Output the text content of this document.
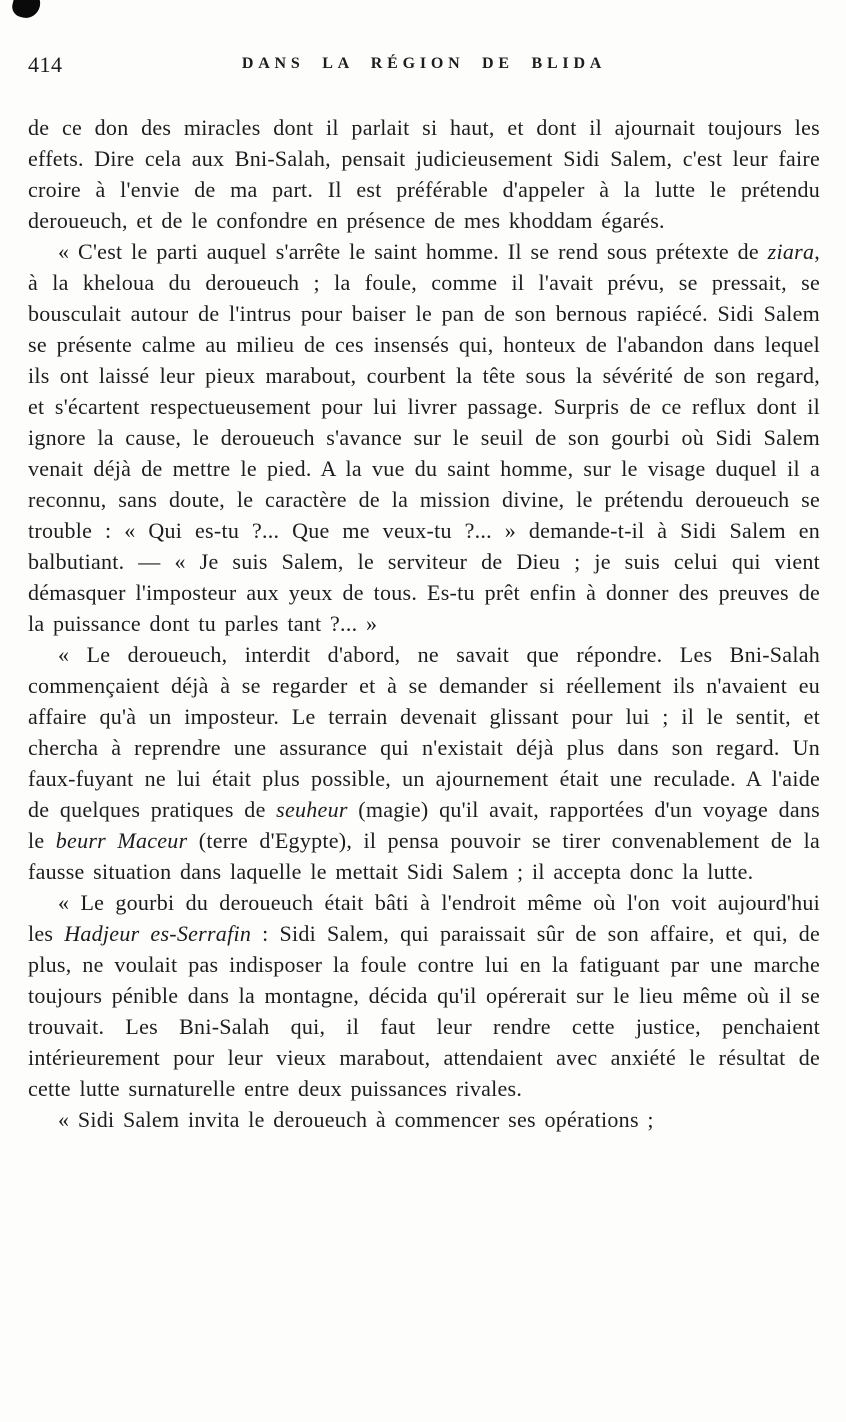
414	DANS LA RÉGION DE BLIDA

de ce don des miracles dont il parlait si haut, et dont il ajournait toujours les effets. Dire cela aux Bni-Salah, pensait judicieusement Sidi Salem, c'est leur faire croire à l'envie de ma part. Il est préférable d'appeler à la lutte le prétendu deroueuch, et de le confondre en présence de mes khoddam égarés.

« C'est le parti auquel s'arrête le saint homme. Il se rend sous prétexte de ziara, à la kheloua du deroueuch ; la foule, comme il l'avait prévu, se pressait, se bousculait autour de l'intrus pour baiser le pan de son bernous rapiécé. Sidi Salem se présente calme au milieu de ces insensés qui, honteux de l'abandon dans lequel ils ont laissé leur pieux marabout, courbent la tête sous la sévérité de son regard, et s'écartent respectueusement pour lui livrer passage. Surpris de ce reflux dont il ignore la cause, le deroueuch s'avance sur le seuil de son gourbi où Sidi Salem venait déjà de mettre le pied. A la vue du saint homme, sur le visage duquel il a reconnu, sans doute, le caractère de la mission divine, le prétendu deroueuch se trouble : « Qui es-tu ?... Que me veux-tu ?... » demande-t-il à Sidi Salem en balbutiant. — « Je suis Salem, le serviteur de Dieu ; je suis celui qui vient démasquer l'imposteur aux yeux de tous. Es-tu prêt enfin à donner des preuves de la puissance dont tu parles tant ?... »

« Le deroueuch, interdit d'abord, ne savait que répondre. Les Bni-Salah commençaient déjà à se regarder et à se demander si réellement ils n'avaient eu affaire qu'à un imposteur. Le terrain devenait glissant pour lui ; il le sentit, et chercha à reprendre une assurance qui n'existait déjà plus dans son regard. Un faux-fuyant ne lui était plus possible, un ajournement était une reculade. A l'aide de quelques pratiques de seuheur (magie) qu'il avait, rapportées d'un voyage dans le beurr Maceur (terre d'Egypte), il pensa pouvoir se tirer convenablement de la fausse situation dans laquelle le mettait Sidi Salem ; il accepta donc la lutte.

« Le gourbi du deroueuch était bâti à l'endroit même où l'on voit aujourd'hui les Hadjeur es-Serrafin : Sidi Salem, qui paraissait sûr de son affaire, et qui, de plus, ne voulait pas indisposer la foule contre lui en la fatiguant par une marche toujours pénible dans la montagne, décida qu'il opérerait sur le lieu même où il se trouvait. Les Bni-Salah qui, il faut leur rendre cette justice, penchaient intérieurement pour leur vieux marabout, attendaient avec anxiété le résultat de cette lutte surnaturelle entre deux puissances rivales.

« Sidi Salem invita le deroueuch à commencer ses opérations ;
